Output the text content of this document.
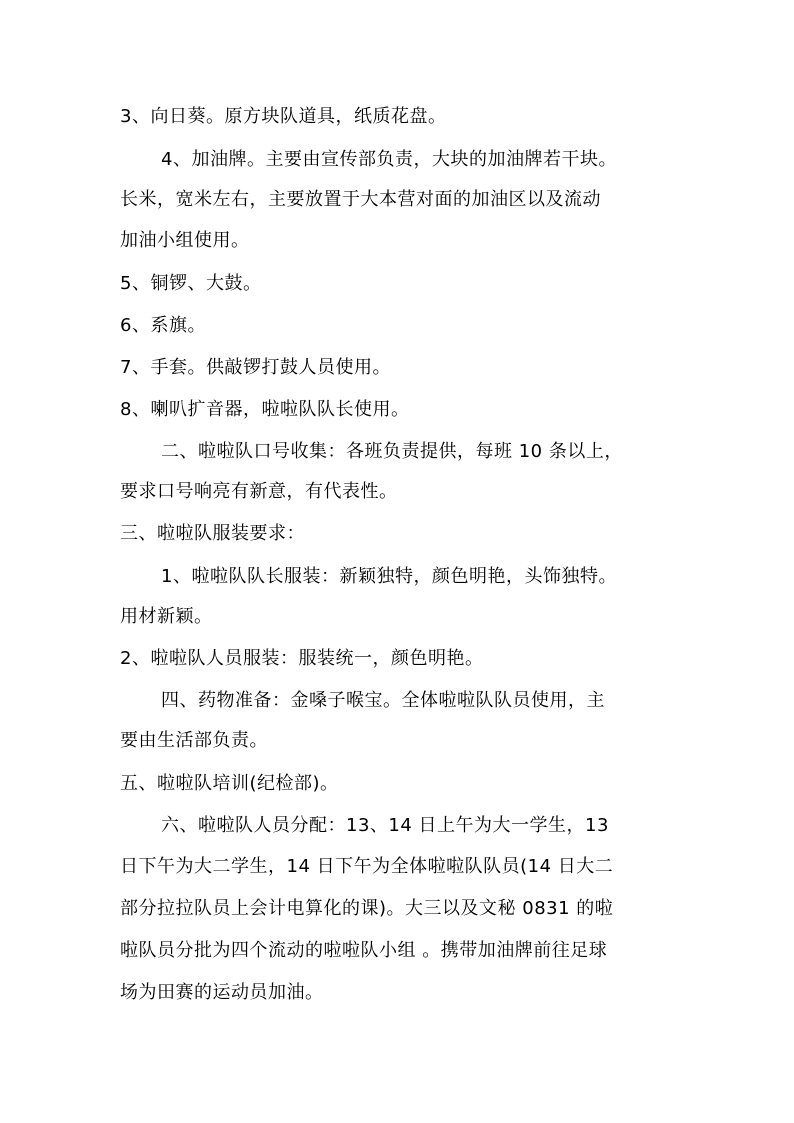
3、向日葵。原方块队道具，纸质花盘。
4、加油牌。主要由宣传部负责，大块的加油牌若干块。
长米，宽米左右，主要放置于大本营对面的加油区以及流动
加油小组使用。
5、铜锣、大鼓。
6、系旗。
7、手套。供敲锣打鼓人员使用。
8、喇叭扩音器，啦啦队队长使用。
二、啦啦队口号收集：各班负责提供，每班 10 条以上，
要求口号响亮有新意，有代表性。
三、啦啦队服装要求：
1、啦啦队队长服装：新颖独特，颜色明艳，头饰独特。
用材新颖。
2、啦啦队人员服装：服装统一，颜色明艳。
四、药物准备：金嗓子喉宝。全体啦啦队队员使用，主
要由生活部负责。
五、啦啦队培训(纪检部)。
六、啦啦队人员分配：13、14 日上午为大一学生，13
日下午为大二学生，14 日下午为全体啦啦队队员(14 日大二
部分拉拉队员上会计电算化的课)。大三以及文秘 0831 的啦
啦队员分批为四个流动的啦啦队小组 。携带加油牌前往足球
场为田赛的运动员加油。
